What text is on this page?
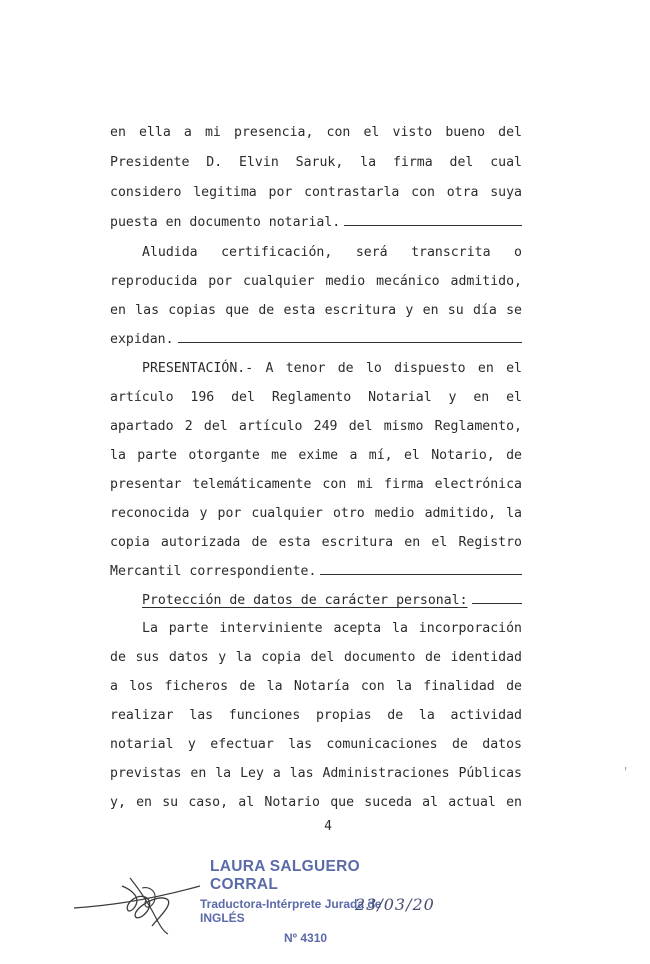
en ella a mi presencia, con el visto bueno del
Presidente D. Elvin Saruk, la firma del cual
considero legitima por contrastarla con otra suya
puesta en documento notarial.
Aludida certificación, será transcrita o
reproducida por cualquier medio mecánico admitido,
en las copias que de esta escritura y en su día se
expidan.
PRESENTACIÓN.- A tenor de lo dispuesto en el
artículo 196 del Reglamento Notarial y en el
apartado 2 del artículo 249 del mismo Reglamento,
la parte otorgante me exime a mí, el Notario, de
presentar telemáticamente con mi firma electrónica
reconocida y por cualquier otro medio admitido, la
copia autorizada de esta escritura en el Registro
Mercantil correspondiente.
Protección de datos de carácter personal:
La parte interviniente acepta la incorporación
de sus datos y la copia del documento de identidad
a los ficheros de la Notaría con la finalidad de
realizar las funciones propias de la actividad
notarial y efectuar las comunicaciones de datos
previstas en la Ley a las Administraciones Públicas
y, en su caso, al Notario que suceda al actual en
'
4
LAURA SALGUERO CORRAL
Traductora-Intérprete Jurada de INGLÉS
Nº 4310
23/03/20
